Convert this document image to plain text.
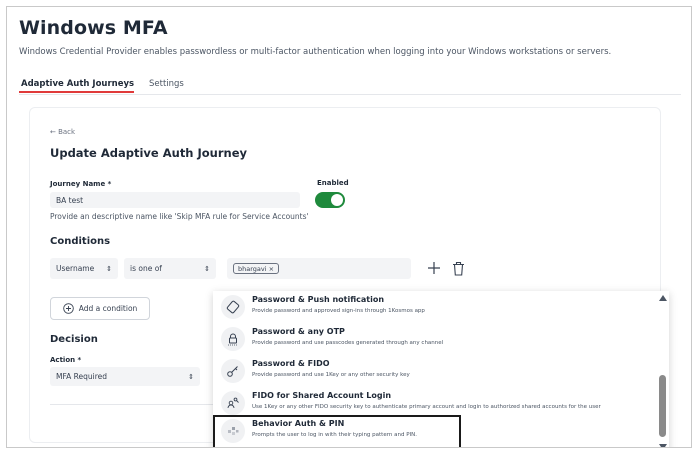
Windows MFA
Windows Credential Provider enables passwordless or multi-factor authentication when logging into your Windows workstations or servers.
Adaptive Auth Journeys Settings
← Back
Update Adaptive Auth Journey
Journey Name *
BA test
Provide an descriptive name like 'Skip MFA rule for Service Accounts'
Enabled
Conditions
Username ⇕ is one of	⇕	bhargavi ×
Add a condition
Decision
Action *
MFA Required	⇕
Password & Push notification
Provide password and approved sign-ins through 1Kosmos app
Password & any OTP
Provide password and use passcodes generated through any channel
Password & FIDO
Provide password and use 1Key or any other security key
FIDO for Shared Account Login
Use 1Key or any other FIDO security key to authenticate primary account and login to authorized shared accounts for the user
Behavior Auth & PIN
Prompts the user to log in with their typing pattern and PIN.
